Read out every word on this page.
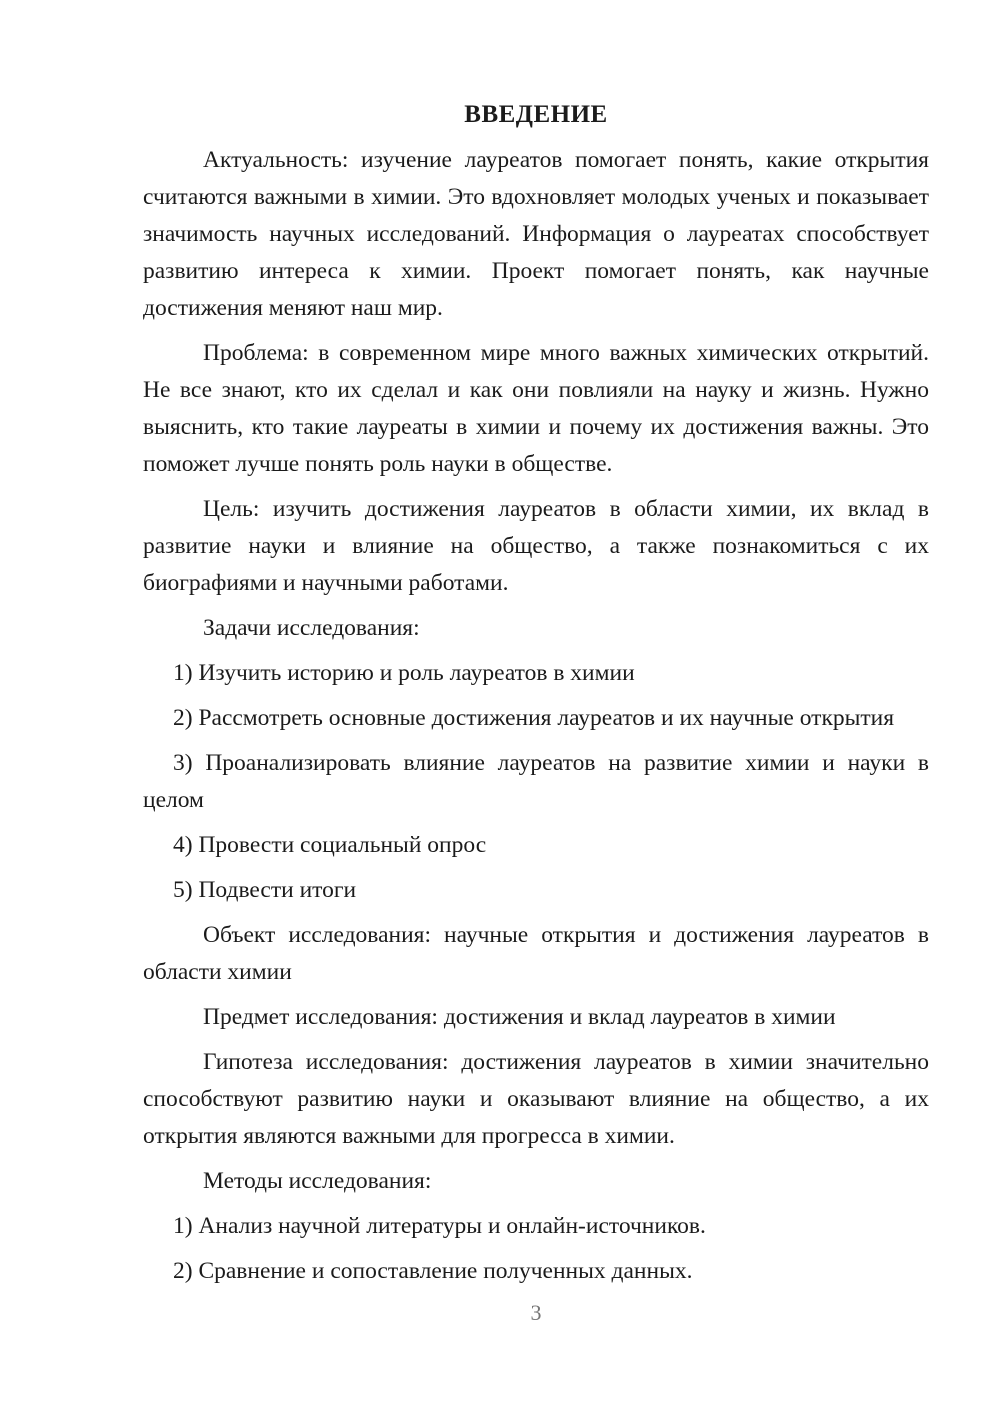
ВВЕДЕНИЕ

Актуальность: изучение лауреатов помогает понять, какие открытия считаются важными в химии. Это вдохновляет молодых ученых и показывает значимость научных исследований. Информация о лауреатах способствует развитию интереса к химии. Проект помогает понять, как научные достижения меняют наш мир.

Проблема: в современном мире много важных химических открытий. Не все знают, кто их сделал и как они повлияли на науку и жизнь. Нужно выяснить, кто такие лауреаты в химии и почему их достижения важны. Это поможет лучше понять роль науки в обществе.

Цель: изучить достижения лауреатов в области химии, их вклад в развитие науки и влияние на общество, а также познакомиться с их биографиями и научными работами.

Задачи исследования:

1) Изучить историю и роль лауреатов в химии

2) Рассмотреть основные достижения лауреатов и их научные открытия

3) Проанализировать влияние лауреатов на развитие химии и науки в целом

4) Провести социальный опрос

5) Подвести итоги

Объект исследования: научные открытия и достижения лауреатов в области химии

Предмет исследования: достижения и вклад лауреатов в химии

Гипотеза исследования: достижения лауреатов в химии значительно способствуют развитию науки и оказывают влияние на общество, а их открытия являются важными для прогресса в химии.

Методы исследования:

1) Анализ научной литературы и онлайн-источников.

2) Сравнение и сопоставление полученных данных.

3
